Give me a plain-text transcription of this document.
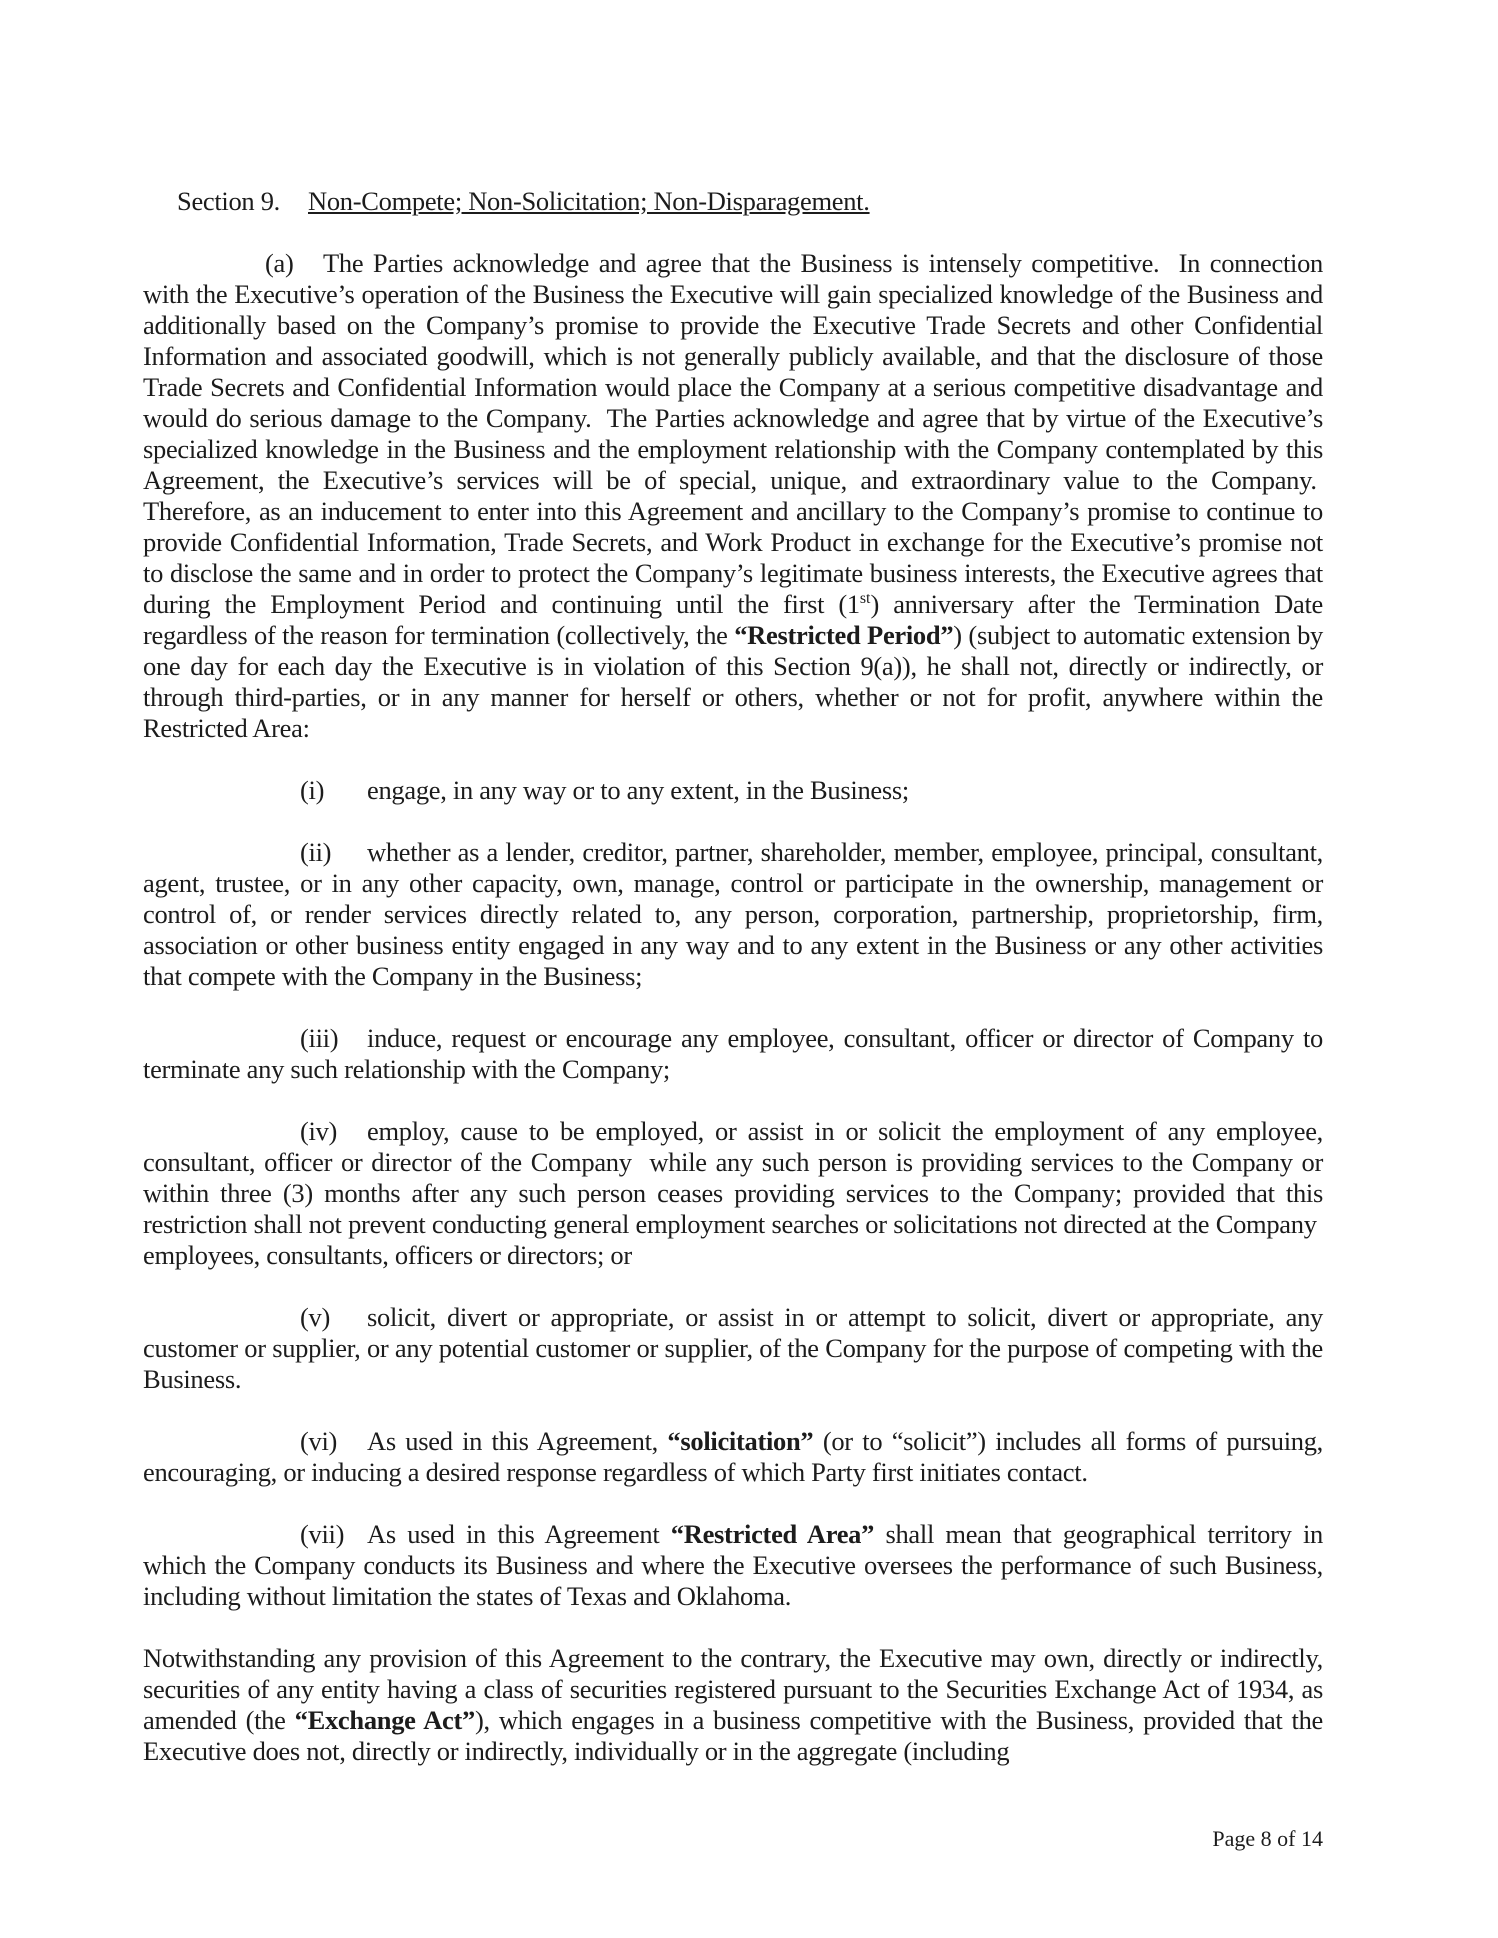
Section 9. Non-Compete; Non-Solicitation; Non-Disparagement.

(a) The Parties acknowledge and agree that the Business is intensely competitive.  In connection with the Executive’s operation of the Business the Executive will gain specialized knowledge of the Business and additionally based on the Company’s promise to provide the Executive Trade Secrets and other Confidential Information and associated goodwill, which is not generally publicly available, and that the disclosure of those Trade Secrets and Confidential Information would place the Company at a serious competitive disadvantage and would do serious damage to the Company.  The Parties acknowledge and agree that by virtue of the Executive’s specialized knowledge in the Business and the employment relationship with the Company contemplated by this Agreement, the Executive’s services will be of special, unique, and extraordinary value to the Company.  Therefore, as an inducement to enter into this Agreement and ancillary to the Company’s promise to continue to provide Confidential Information, Trade Secrets, and Work Product in exchange for the Executive’s promise not to disclose the same and in order to protect the Company’s legitimate business interests, the Executive agrees that during the Employment Period and continuing until the first (1st) anniversary after the Termination Date regardless of the reason for termination (collectively, the “Restricted Period”) (subject to automatic extension by one day for each day the Executive is in violation of this Section 9(a)), he shall not, directly or indirectly, or through third-parties, or in any manner for herself or others, whether or not for profit, anywhere within the Restricted Area:

(i) engage, in any way or to any extent, in the Business;

(ii) whether as a lender, creditor, partner, shareholder, member, employee, principal, consultant, agent, trustee, or in any other capacity, own, manage, control or participate in the ownership, management or control of, or render services directly related to, any person, corporation, partnership, proprietorship, firm, association or other business entity engaged in any way and to any extent in the Business or any other activities that compete with the Company in the Business;

(iii) induce, request or encourage any employee, consultant, officer or director of Company to terminate any such relationship with the Company;

(iv) employ, cause to be employed, or assist in or solicit the employment of any employee, consultant, officer or director of the Company  while any such person is providing services to the Company or within three (3) months after any such person ceases providing services to the Company; provided that this restriction shall not prevent conducting general employment searches or solicitations not directed at the Company  employees, consultants, officers or directors; or

(v) solicit, divert or appropriate, or assist in or attempt to solicit, divert or appropriate, any customer or supplier, or any potential customer or supplier, of the Company for the purpose of competing with the Business.

(vi) As used in this Agreement, “solicitation” (or to “solicit”) includes all forms of pursuing, encouraging, or inducing a desired response regardless of which Party first initiates contact.

(vii) As used in this Agreement “Restricted Area” shall mean that geographical territory in which the Company conducts its Business and where the Executive oversees the performance of such Business, including without limitation the states of Texas and Oklahoma.

Notwithstanding any provision of this Agreement to the contrary, the Executive may own, directly or indirectly, securities of any entity having a class of securities registered pursuant to the Securities Exchange Act of 1934, as amended (the “Exchange Act”), which engages in a business competitive with the Business, provided that the Executive does not, directly or indirectly, individually or in the aggregate (including

Page 8 of 14
